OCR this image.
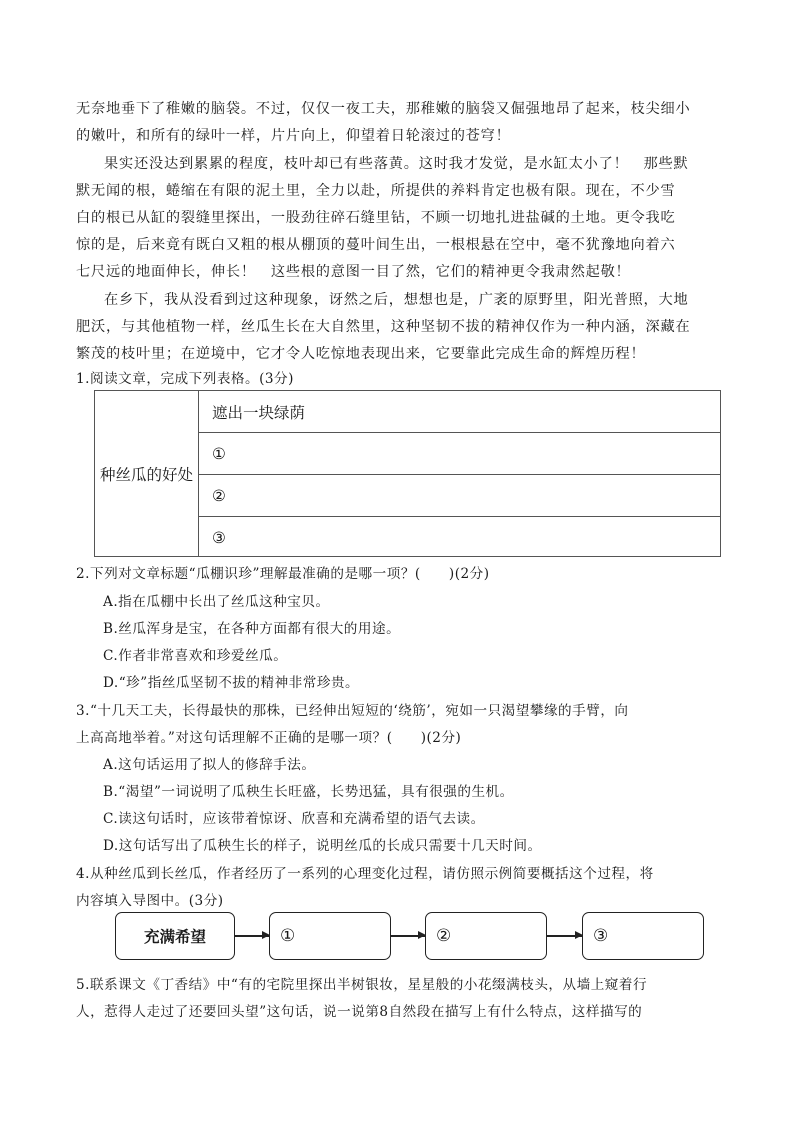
无奈地垂下了稚嫩的脑袋。不过，仅仅一夜工夫，那稚嫩的脑袋又倔强地昂了起来，枝尖细小
的嫩叶，和所有的绿叶一样，片片向上，仰望着日轮滚过的苍穹！
果实还没达到累累的程度，枝叶却已有些落黄。这时我才发觉，是水缸太小了！　那些默
默无闻的根，蜷缩在有限的泥土里，全力以赴，所提供的养料肯定也极有限。现在，不少雪
白的根已从缸的裂缝里探出，一股劲往碎石缝里钻，不顾一切地扎进盐碱的土地。更令我吃
惊的是，后来竟有既白又粗的根从棚顶的蔓叶间生出，一根根悬在空中，毫不犹豫地向着六
七尺远的地面伸长，伸长！　这些根的意图一目了然，它们的精神更令我肃然起敬！
在乡下，我从没看到过这种现象，讶然之后，想想也是，广袤的原野里，阳光普照，大地
肥沃，与其他植物一样，丝瓜生长在大自然里，这种坚韧不拔的精神仅作为一种内涵，深藏在
繁茂的枝叶里；在逆境中，它才令人吃惊地表现出来，它要靠此完成生命的辉煌历程！
1.阅读文章，完成下列表格。(3分)
种丝瓜的好处
遮出一块绿荫
①
②
③
2.下列对文章标题“瓜棚识珍”理解最准确的是哪一项？(　　)(2分)
A.指在瓜棚中长出了丝瓜这种宝贝。
B.丝瓜浑身是宝，在各种方面都有很大的用途。
C.作者非常喜欢和珍爱丝瓜。
D.“珍”指丝瓜坚韧不拔的精神非常珍贵。
3.“十几天工夫，长得最快的那株，已经伸出短短的‘绕筋’，宛如一只渴望攀缘的手臂，向
上高高地举着。”对这句话理解不正确的是哪一项？(　　)(2分)
A.这句话运用了拟人的修辞手法。
B.“渴望”一词说明了瓜秧生长旺盛，长势迅猛，具有很强的生机。
C.读这句话时，应该带着惊讶、欣喜和充满希望的语气去读。
D.这句话写出了瓜秧生长的样子，说明丝瓜的长成只需要十几天时间。
4.从种丝瓜到长丝瓜，作者经历了一系列的心理变化过程，请仿照示例简要概括这个过程，将
内容填入导图中。(3分)
充满希望	①	②	③
5.联系课文《丁香结》中“有的宅院里探出半树银妆，星星般的小花缀满枝头，从墙上窥着行
人，惹得人走过了还要回头望”这句话，说一说第8自然段在描写上有什么特点，这样描写的
